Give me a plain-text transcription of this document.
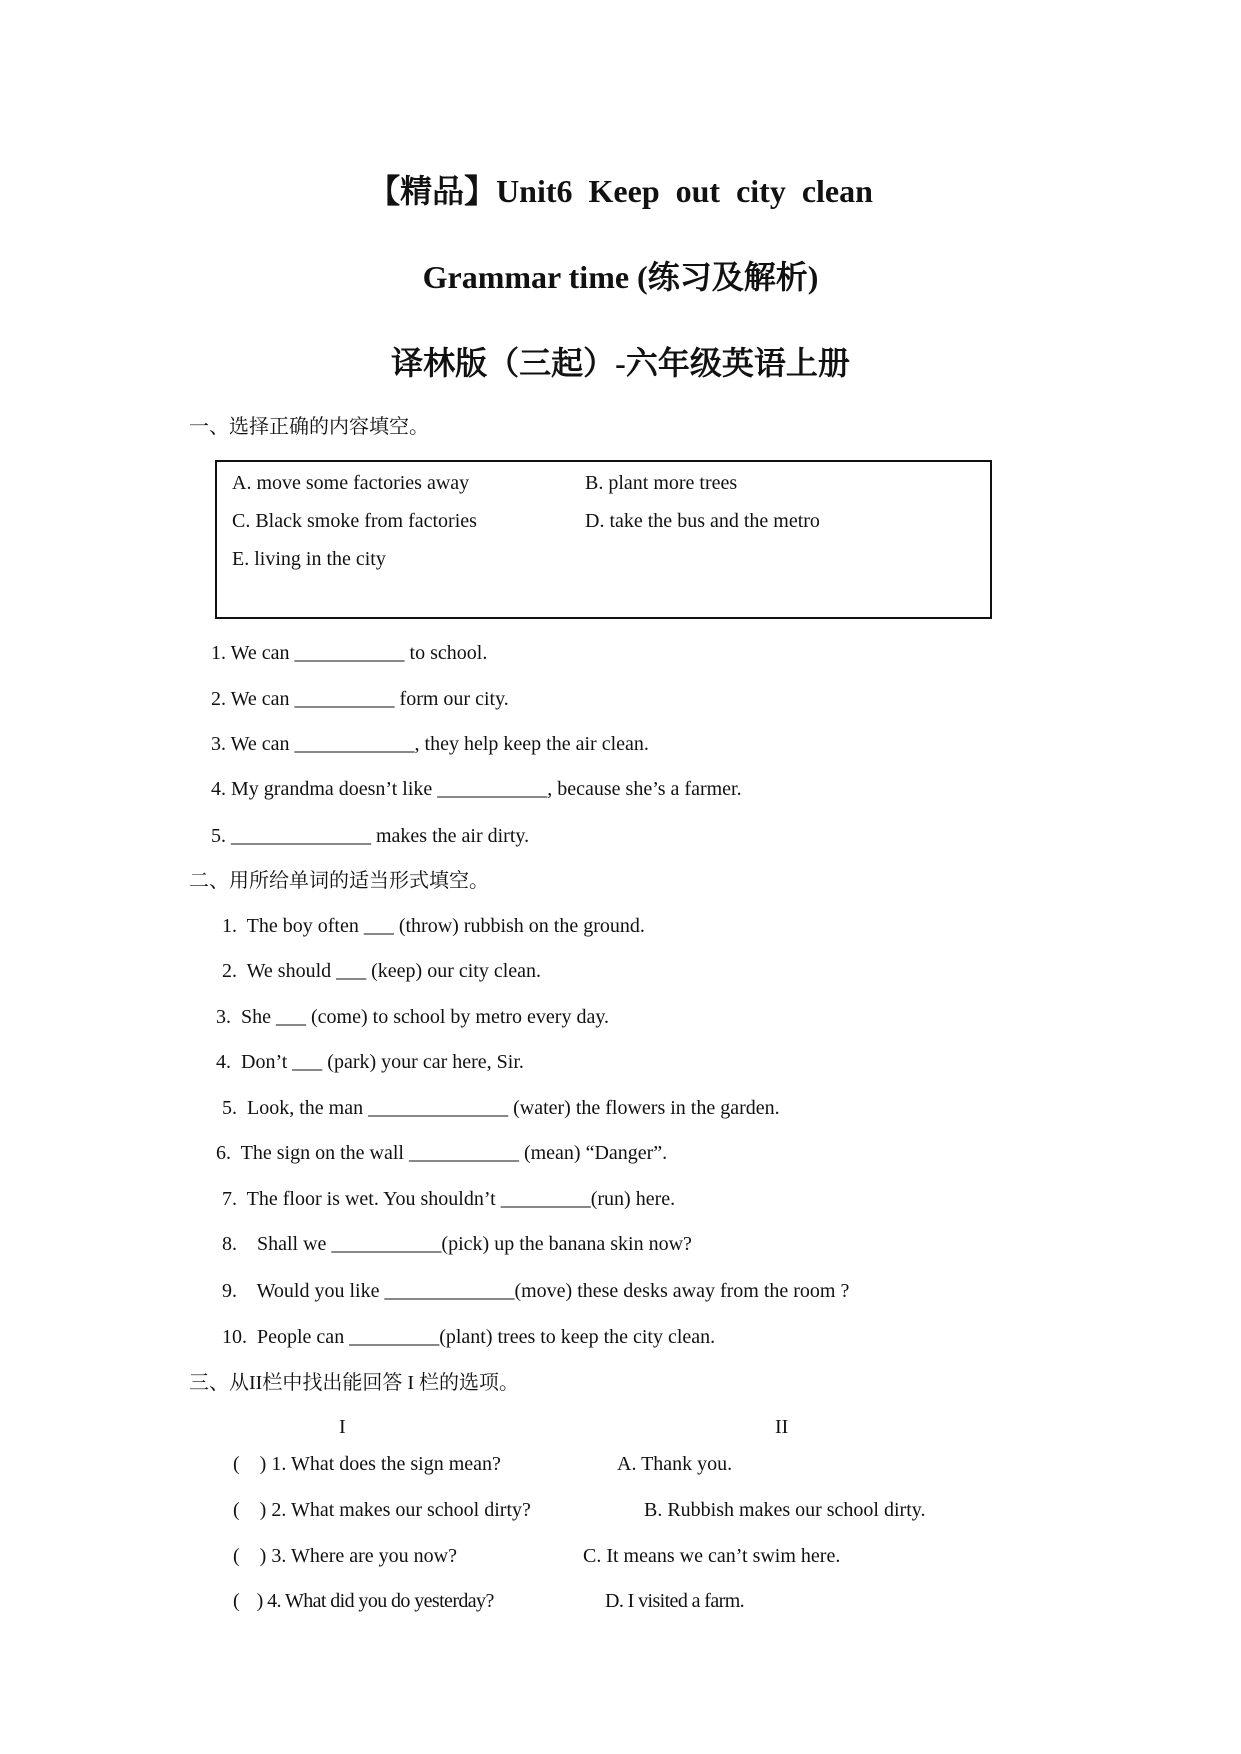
【精品】Unit6  Keep  out  city  clean
Grammar time (练习及解析)
译林版（三起）-六年级英语上册
一、选择正确的内容填空。
A. move some factories away	B. plant more trees
C. Black smoke from factories	D. take the bus and the metro
E. living in the city
1. We can ___________ to school.
2. We can __________ form our city.
3. We can ____________, they help keep the air clean.
4. My grandma doesn’t like ___________, because she’s a farmer.
5. ______________ makes the air dirty.
二、用所给单词的适当形式填空。
1.  The boy often ___ (throw) rubbish on the ground.
2.  We should ___ (keep) our city clean.
3.  She ___ (come) to school by metro every day.
4.  Don’t ___ (park) your car here, Sir.
5.  Look, the man ______________ (water) the flowers in the garden.
6.  The sign on the wall ___________ (mean) “Danger”.
7.  The floor is wet. You shouldn’t _________(run) here.
8.    Shall we ___________(pick) up the banana skin now?
9.    Would you like _____________(move) these desks away from the room ?
10.  People can _________(plant) trees to keep the city clean.
三、从II栏中找出能回答 I 栏的选项。
I	II
(    ) 1. What does the sign mean?	A. Thank you.
(    ) 2. What makes our school dirty?	B. Rubbish makes our school dirty.
(    ) 3. Where are you now?	C. It means we can’t swim here.
(    ) 4. What did you do yesterday?	D. I visited a farm.
